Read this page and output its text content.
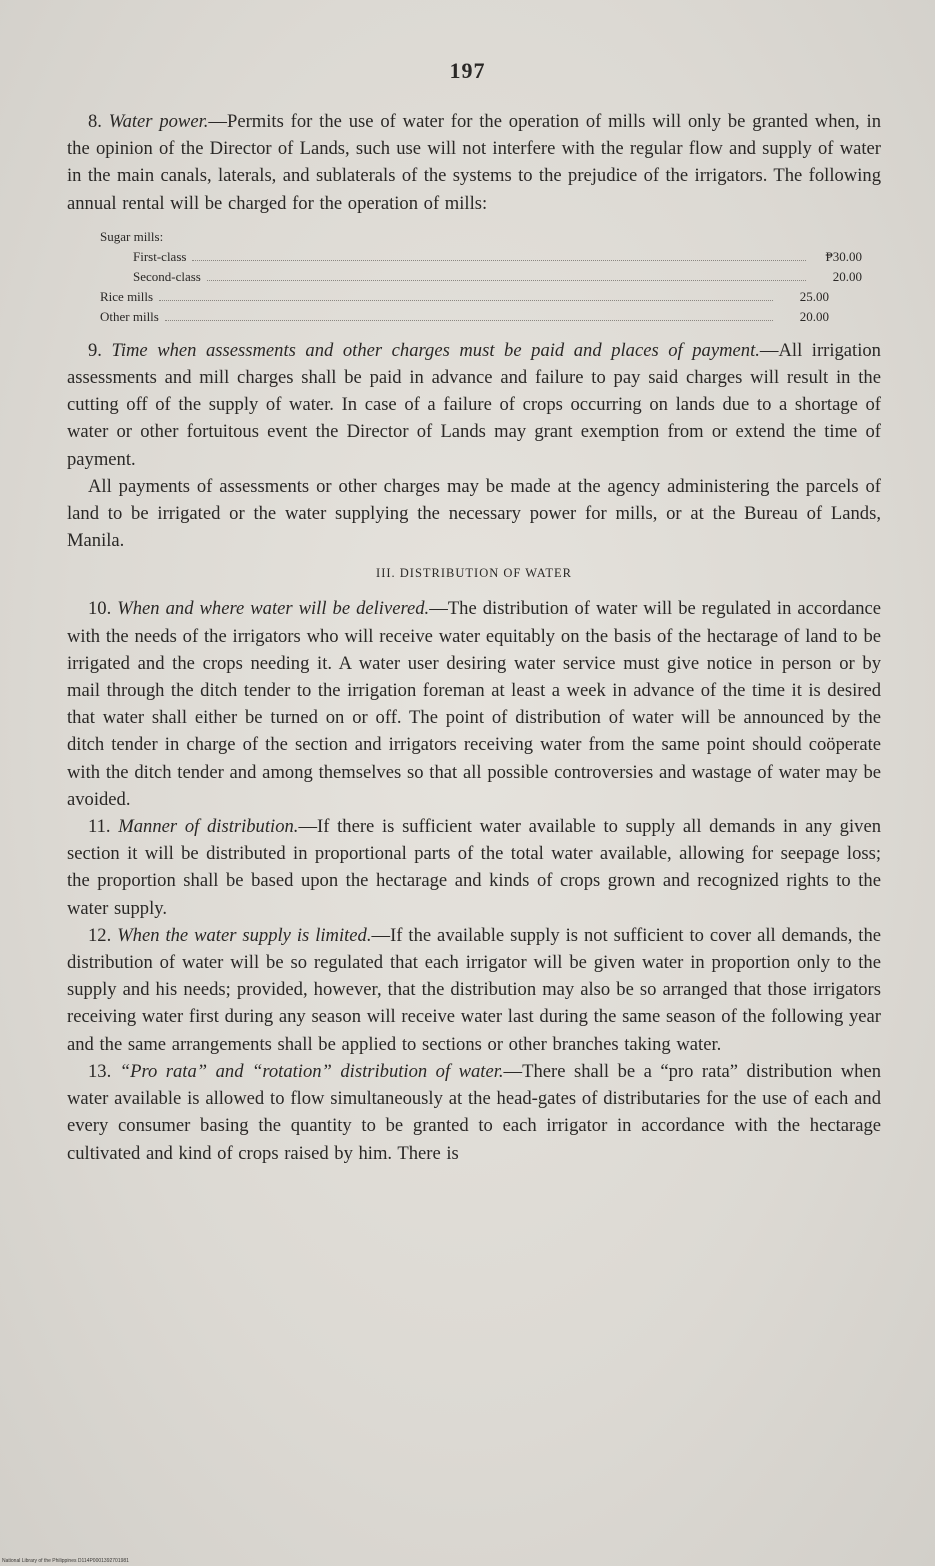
197

8. Water power.—Permits for the use of water for the operation of mills will only be granted when, in the opinion of the Director of Lands, such use will not interfere with the regular flow and supply of water in the main canals, laterals, and sublaterals of the systems to the prejudice of the irrigators. The following annual rental will be charged for the operation of mills:

Sugar mills:
First-class	₱30.00
Second-class	20.00
Rice mills	25.00
Other mills	20.00

9. Time when assessments and other charges must be paid and places of payment.—All irrigation assessments and mill charges shall be paid in advance and failure to pay said charges will result in the cutting off of the supply of water. In case of a failure of crops occurring on lands due to a shortage of water or other fortuitous event the Director of Lands may grant exemption from or extend the time of payment.

All payments of assessments or other charges may be made at the agency administering the parcels of land to be irrigated or the water supplying the necessary power for mills, or at the Bureau of Lands, Manila.

III. DISTRIBUTION OF WATER

10. When and where water will be delivered.—The distribution of water will be regulated in accordance with the needs of the irrigators who will receive water equitably on the basis of the hectarage of land to be irrigated and the crops needing it. A water user desiring water service must give notice in person or by mail through the ditch tender to the irrigation foreman at least a week in advance of the time it is desired that water shall either be turned on or off. The point of distribution of water will be announced by the ditch tender in charge of the section and irrigators receiving water from the same point should coöperate with the ditch tender and among themselves so that all possible controversies and wastage of water may be avoided.

11. Manner of distribution.—If there is sufficient water available to supply all demands in any given section it will be distributed in proportional parts of the total water available, allowing for seepage loss; the proportion shall be based upon the hectarage and kinds of crops grown and recognized rights to the water supply.

12. When the water supply is limited.—If the available supply is not sufficient to cover all demands, the distribution of water will be so regulated that each irrigator will be given water in proportion only to the supply and his needs; provided, however, that the distribution may also be so arranged that those irrigators receiving water first during any season will receive water last during the same season of the following year and the same arrangements shall be applied to sections or other branches taking water.

13. “Pro rata” and “rotation” distribution of water.—There shall be a “pro rata” distribution when water available is allowed to flow simultaneously at the head-gates of distributaries for the use of each and every consumer basing the quantity to be granted to each irrigator in accordance with the hectarage cultivated and kind of crops raised by him. There is

National Library of the Philippines D114P0001392701981
